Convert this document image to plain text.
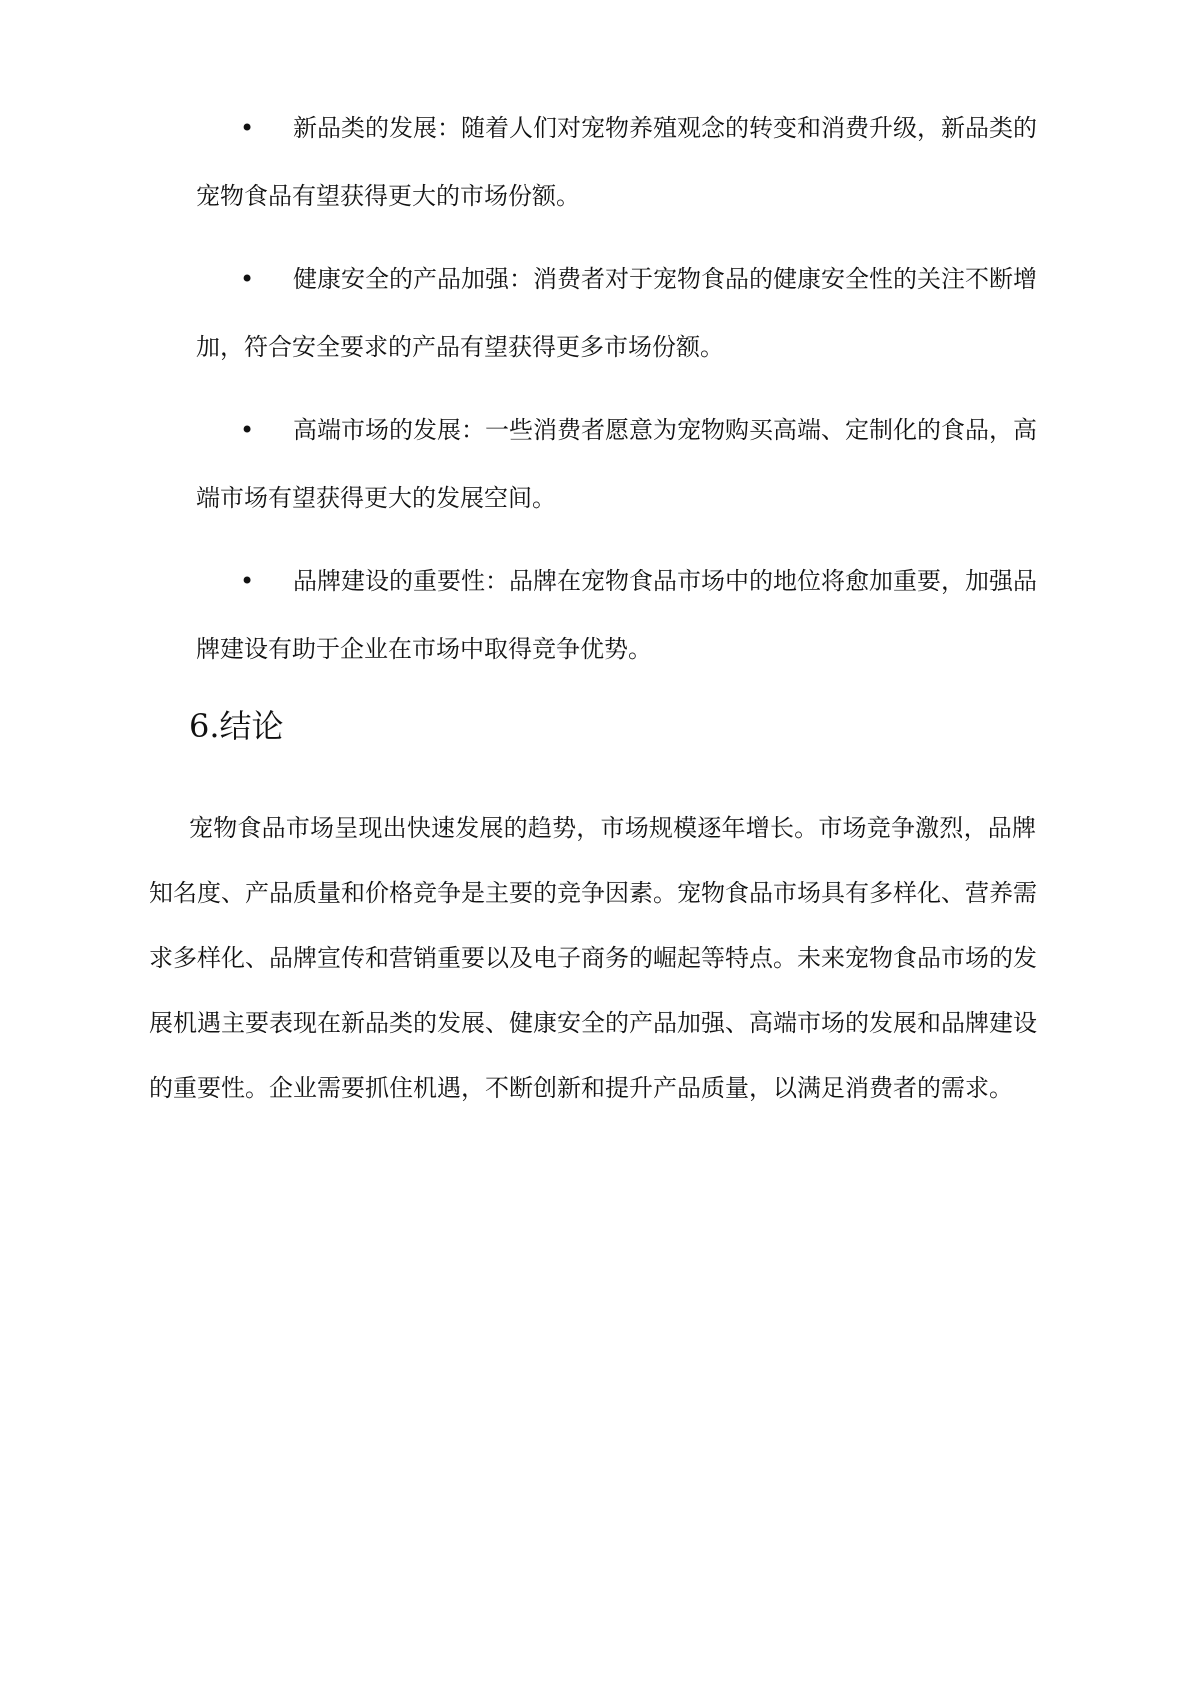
• 新品类的发展：随着人们对宠物养殖观念的转变和消费升级，新品类的
宠物食品有望获得更大的市场份额。
• 健康安全的产品加强：消费者对于宠物食品的健康安全性的关注不断增
加，符合安全要求的产品有望获得更多市场份额。
• 高端市场的发展：一些消费者愿意为宠物购买高端、定制化的食品，高
端市场有望获得更大的发展空间。
• 品牌建设的重要性：品牌在宠物食品市场中的地位将愈加重要，加强品
牌建设有助于企业在市场中取得竞争优势。
6.结论
宠物食品市场呈现出快速发展的趋势，市场规模逐年增长。市场竞争激烈，品牌
知名度、产品质量和价格竞争是主要的竞争因素。宠物食品市场具有多样化、营养需
求多样化、品牌宣传和营销重要以及电子商务的崛起等特点。未来宠物食品市场的发
展机遇主要表现在新品类的发展、健康安全的产品加强、高端市场的发展和品牌建设
的重要性。企业需要抓住机遇，不断创新和提升产品质量，以满足消费者的需求。
